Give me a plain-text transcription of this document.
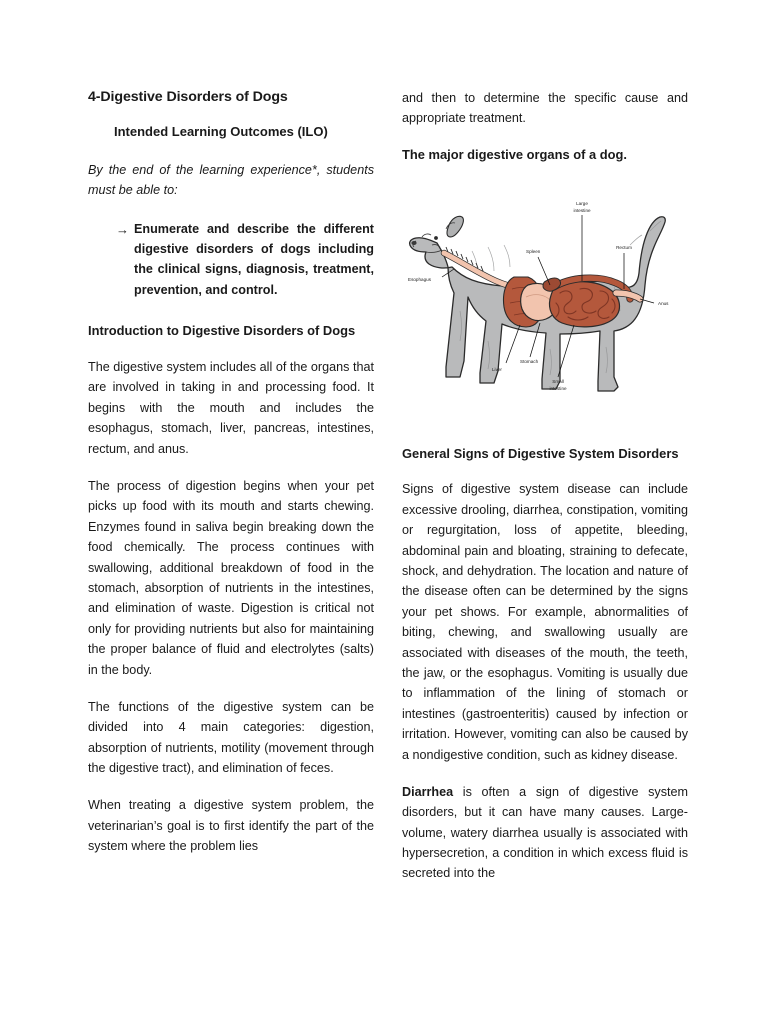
4-Digestive Disorders of Dogs
Intended Learning Outcomes (ILO)

By the end of the learning experience*, students must be able to:

→ Enumerate and describe the different digestive disorders of dogs including the clinical signs, diagnosis, treatment, prevention, and control.
Introduction to Digestive Disorders of Dogs

The digestive system includes all of the organs that are involved in taking in and processing food. It begins with the mouth and includes the esophagus, stomach, liver, pancreas, intestines, rectum, and anus.

The process of digestion begins when your pet picks up food with its mouth and starts chewing. Enzymes found in saliva begin breaking down the food chemically. The process continues with swallowing, additional breakdown of food in the stomach, absorption of nutrients in the intestines, and elimination of waste. Digestion is critical not only for providing nutrients but also for maintaining the proper balance of fluid and electrolytes (salts) in the body.

The functions of the digestive system can be divided into 4 main categories: digestion, absorption of nutrients, motility (movement through the digestive tract), and elimination of feces.

When treating a digestive system problem, the veterinarian’s goal is to first identify the part of the system where the problem lies

and then to determine the specific cause and appropriate treatment.

The major digestive organs of a dog.
Esophagus
Spleen
Large
intestine
Rectum
Anus
Liver
Stomach
Small
intestine
General Signs of Digestive System Disorders

Signs of digestive system disease can include excessive drooling, diarrhea, constipation, vomiting or regurgitation, loss of appetite, bleeding, abdominal pain and bloating, straining to defecate, shock, and dehydration. The location and nature of the disease often can be determined by the signs your pet shows. For example, abnormalities of biting, chewing, and swallowing usually are associated with diseases of the mouth, the teeth, the jaw, or the esophagus. Vomiting is usually due to inflammation of the lining of stomach or intestines (gastroenteritis) caused by infection or irritation. However, vomiting can also be caused by a nondigestive condition, such as kidney disease.

Diarrhea is often a sign of digestive system disorders, but it can have many causes. Large-volume, watery diarrhea usually is associated with hypersecretion, a condition in which excess fluid is secreted into the
